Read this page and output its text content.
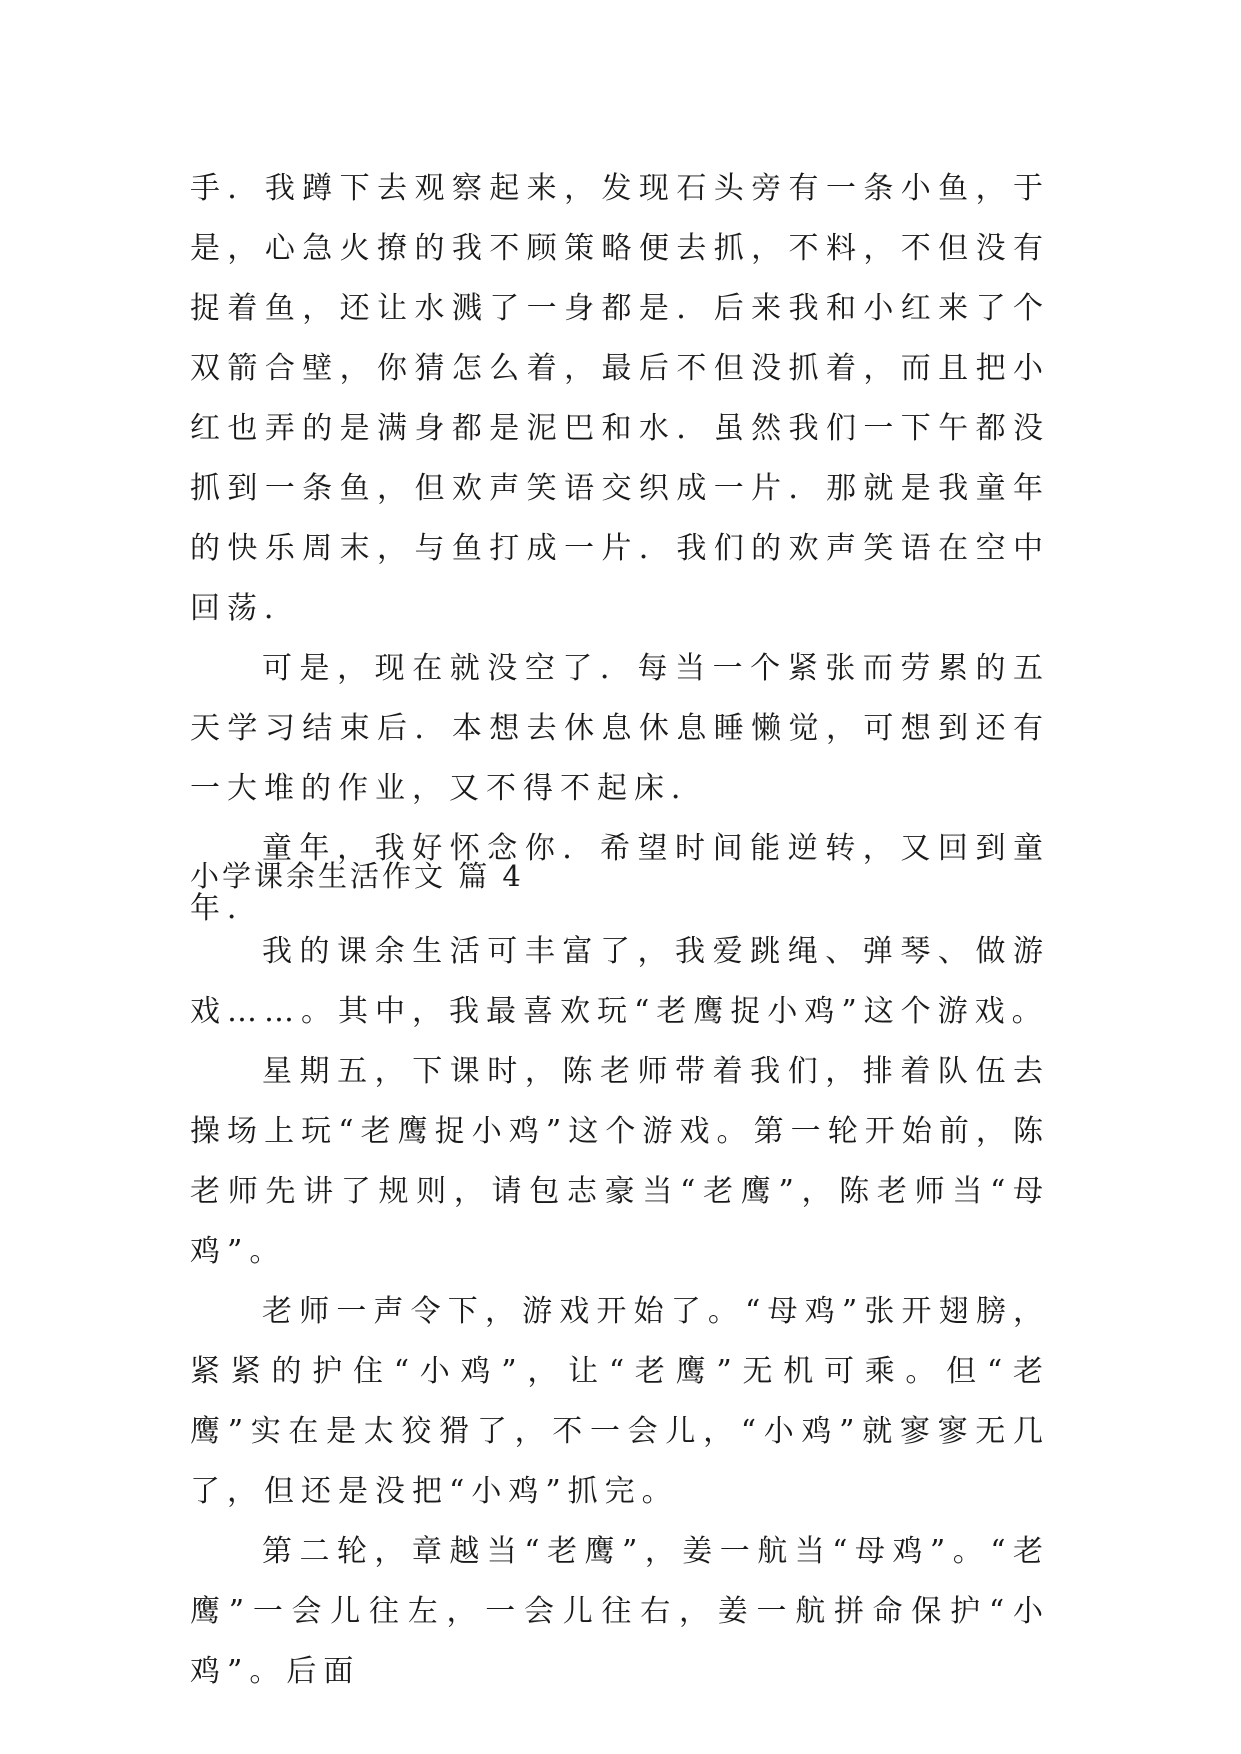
手．我蹲下去观察起来，发现石头旁有一条小鱼，于是，心急火撩的我不顾策略便去抓，不料，不但没有捉着鱼，还让水溅了一身都是．后来我和小红来了个双箭合壁，你猜怎么着，最后不但没抓着，而且把小红也弄的是满身都是泥巴和水．虽然我们一下午都没抓到一条鱼，但欢声笑语交织成一片．那就是我童年的快乐周末，与鱼打成一片．我们的欢声笑语在空中回荡．

可是，现在就没空了．每当一个紧张而劳累的五天学习结束后．本想去休息休息睡懒觉，可想到还有一大堆的作业，又不得不起床．

童年，我好怀念你．希望时间能逆转，又回到童年．

小学课余生活作文 篇 4

我的课余生活可丰富了，我爱跳绳、弹琴、做游戏……。其中，我最喜欢玩“老鹰捉小鸡”这个游戏。

星期五，下课时，陈老师带着我们，排着队伍去操场上玩“老鹰捉小鸡”这个游戏。第一轮开始前，陈老师先讲了规则，请包志豪当“老鹰”，陈老师当“母鸡”。

老师一声令下，游戏开始了。“母鸡”张开翅膀，紧紧的护住“小鸡”，让“老鹰”无机可乘。但“老鹰”实在是太狡猾了，不一会儿，“小鸡”就寥寥无几了，但还是没把“小鸡”抓完。

第二轮，章越当“老鹰”，姜一航当“母鸡”。“老鹰”一会儿往左，一会儿往右，姜一航拼命保护“小鸡”。后面
